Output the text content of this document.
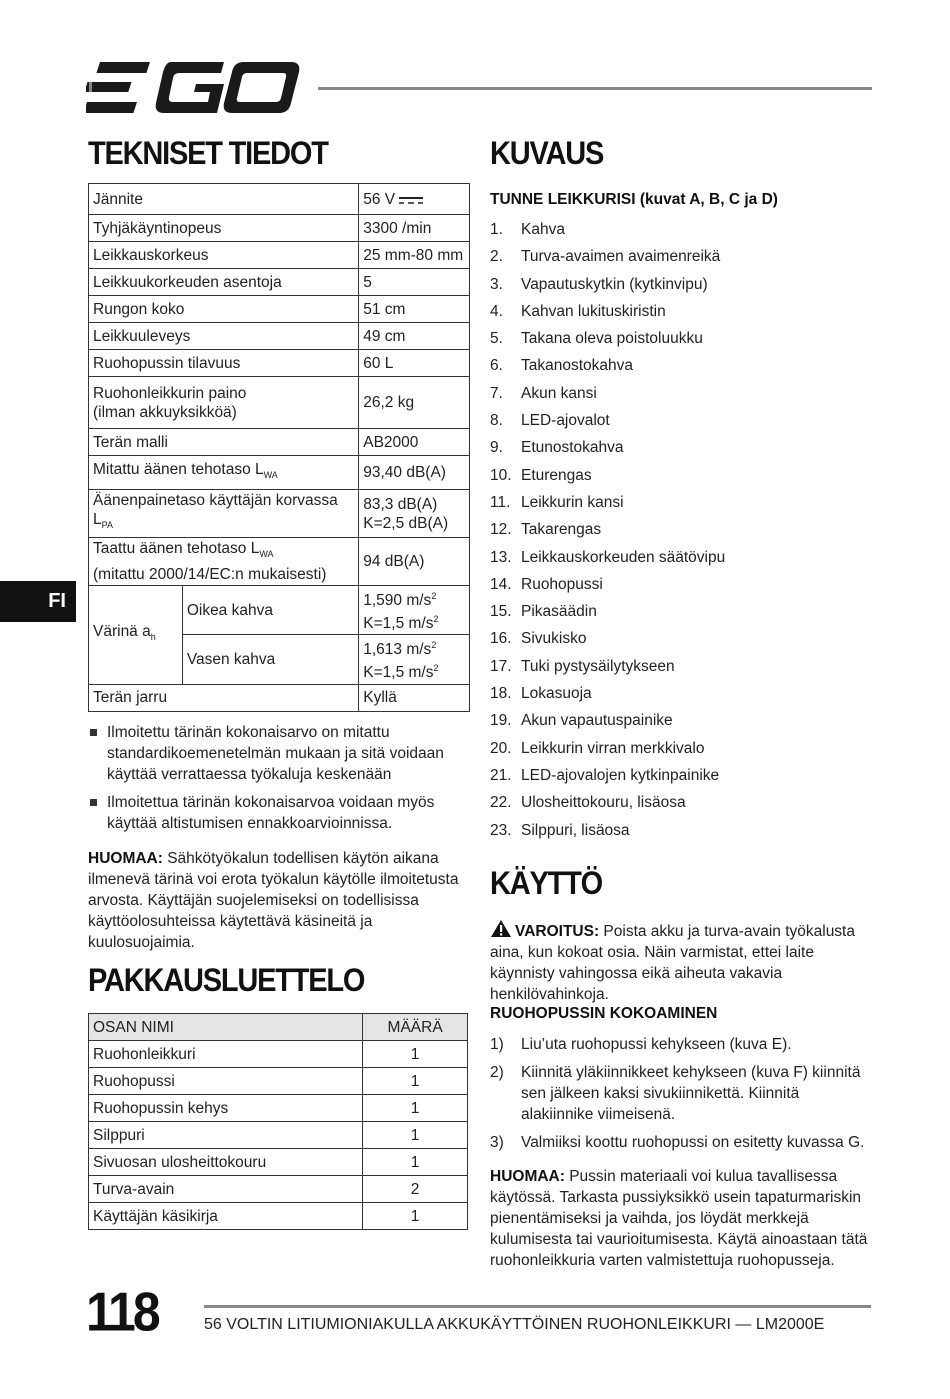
TEKNISET TIEDOT
Jännite		56 V
Tyhjäkäyntinopeus		3300 /min
Leikkauskorkeus		25 mm-80 mm
Leikkuukorkeuden asentoja		5
Rungon koko		51 cm
Leikkuuleveys		49 cm
Ruohopussin tilavuus		60 L
Ruohonleikkurin paino
(ilman akkuyksikköä)		26,2 kg
Terän malli		AB2000
Mitattu äänen tehotaso $L_{WA}$		93,40 dB(A)
Äänenpainetaso käyttäjän korvassa $L_{PA}$		83,3 dB(A)
K=2,5 dB(A)
Taattu äänen tehotaso $L_{WA}$
(mitattu 2000/14/EC:n mukaisesti)		94 dB(A)
Värinä $a_h$	Oikea kahva	1,590 $m/s^2$
K=1,5 $m/s^2$
	Vasen kahva	1,613 $m/s^2$
K=1,5 $m/s^2$
Terän jarru		Kyllä
Ilmoitettu tärinän kokonaisarvo on mitattu standardikoemenetelmän mukaan ja sitä voidaan käyttää verrattaessa työkaluja keskenään
Ilmoitettua tärinän kokonaisarvoa voidaan myös käyttää altistumisen ennakkoarvioinnissa.

HUOMAA: Sähkötyökalun todellisen käytön aikana ilmenevä tärinä voi erota työkalun käytölle ilmoitetusta arvosta. Käyttäjän suojelemiseksi on todellisissa käyttöolosuhteissa käytettävä käsineitä ja kuulosuojaimia.

PAKKAUSLUETTELO
OSAN NIMI	MÄÄRÄ
Ruohonleikkuri	1
Ruohopussi	1
Ruohopussin kehys	1
Silppuri	1
Sivuosan ulosheittokouru	1
Turva-avain	2
Käyttäjän käsikirja	1
KUVAUS
TUNNE LEIKKURISI (kuvat A, B, C ja D)
1.	Kahva
2.	Turva-avaimen avaimenreikä
3.	Vapautuskytkin (kytkinvipu)
4.	Kahvan lukituskiristin
5.	Takana oleva poistoluukku
6.	Takanostokahva
7.	Akun kansi
8.	LED-ajovalot
9.	Etunostokahva
10. Eturengas
11. Leikkurin kansi
12. Takarengas
13. Leikkauskorkeuden säätövipu
14. Ruohopussi
15. Pikasäädin
16. Sivukisko
17. Tuki pystysäilytykseen
18. Lokasuoja
19. Akun vapautuspainike
20. Leikkurin virran merkkivalo
21. LED-ajovalojen kytkinpainike
22. Ulosheittokouru, lisäosa
23. Silppuri, lisäosa
KÄYTTÖ

VAROITUS: Poista akku ja turva-avain työkalusta aina, kun kokoat osia. Näin varmistat, ettei laite käynnisty vahingossa eikä aiheuta vakavia henkilövahinkoja.

RUOHOPUSSIN KOKOAMINEN
1)	Liu’uta ruohopussi kehykseen (kuva E).
2)	Kiinnitä yläkiinnikkeet kehykseen (kuva F) kiinnitä sen jälkeen kaksi sivukiinnikettä. Kiinnitä alakiinnike viimeisenä.
3)	Valmiiksi koottu ruohopussi on esitetty kuvassa G.

HUOMAA: Pussin materiaali voi kulua tavallisessa käytössä. Tarkasta pussiyksikkö usein tapaturmariskin pienentämiseksi ja vaihda, jos löydät merkkejä kulumisesta tai vaurioitumisesta. Käytä ainoastaan tätä ruohonleikkuria varten valmistettuja ruohopusseja.

FI
118	56 VOLTIN LITIUMIONIAKULLA AKKUKÄYTTÖINEN RUOHONLEIKKURI — LM2000E
